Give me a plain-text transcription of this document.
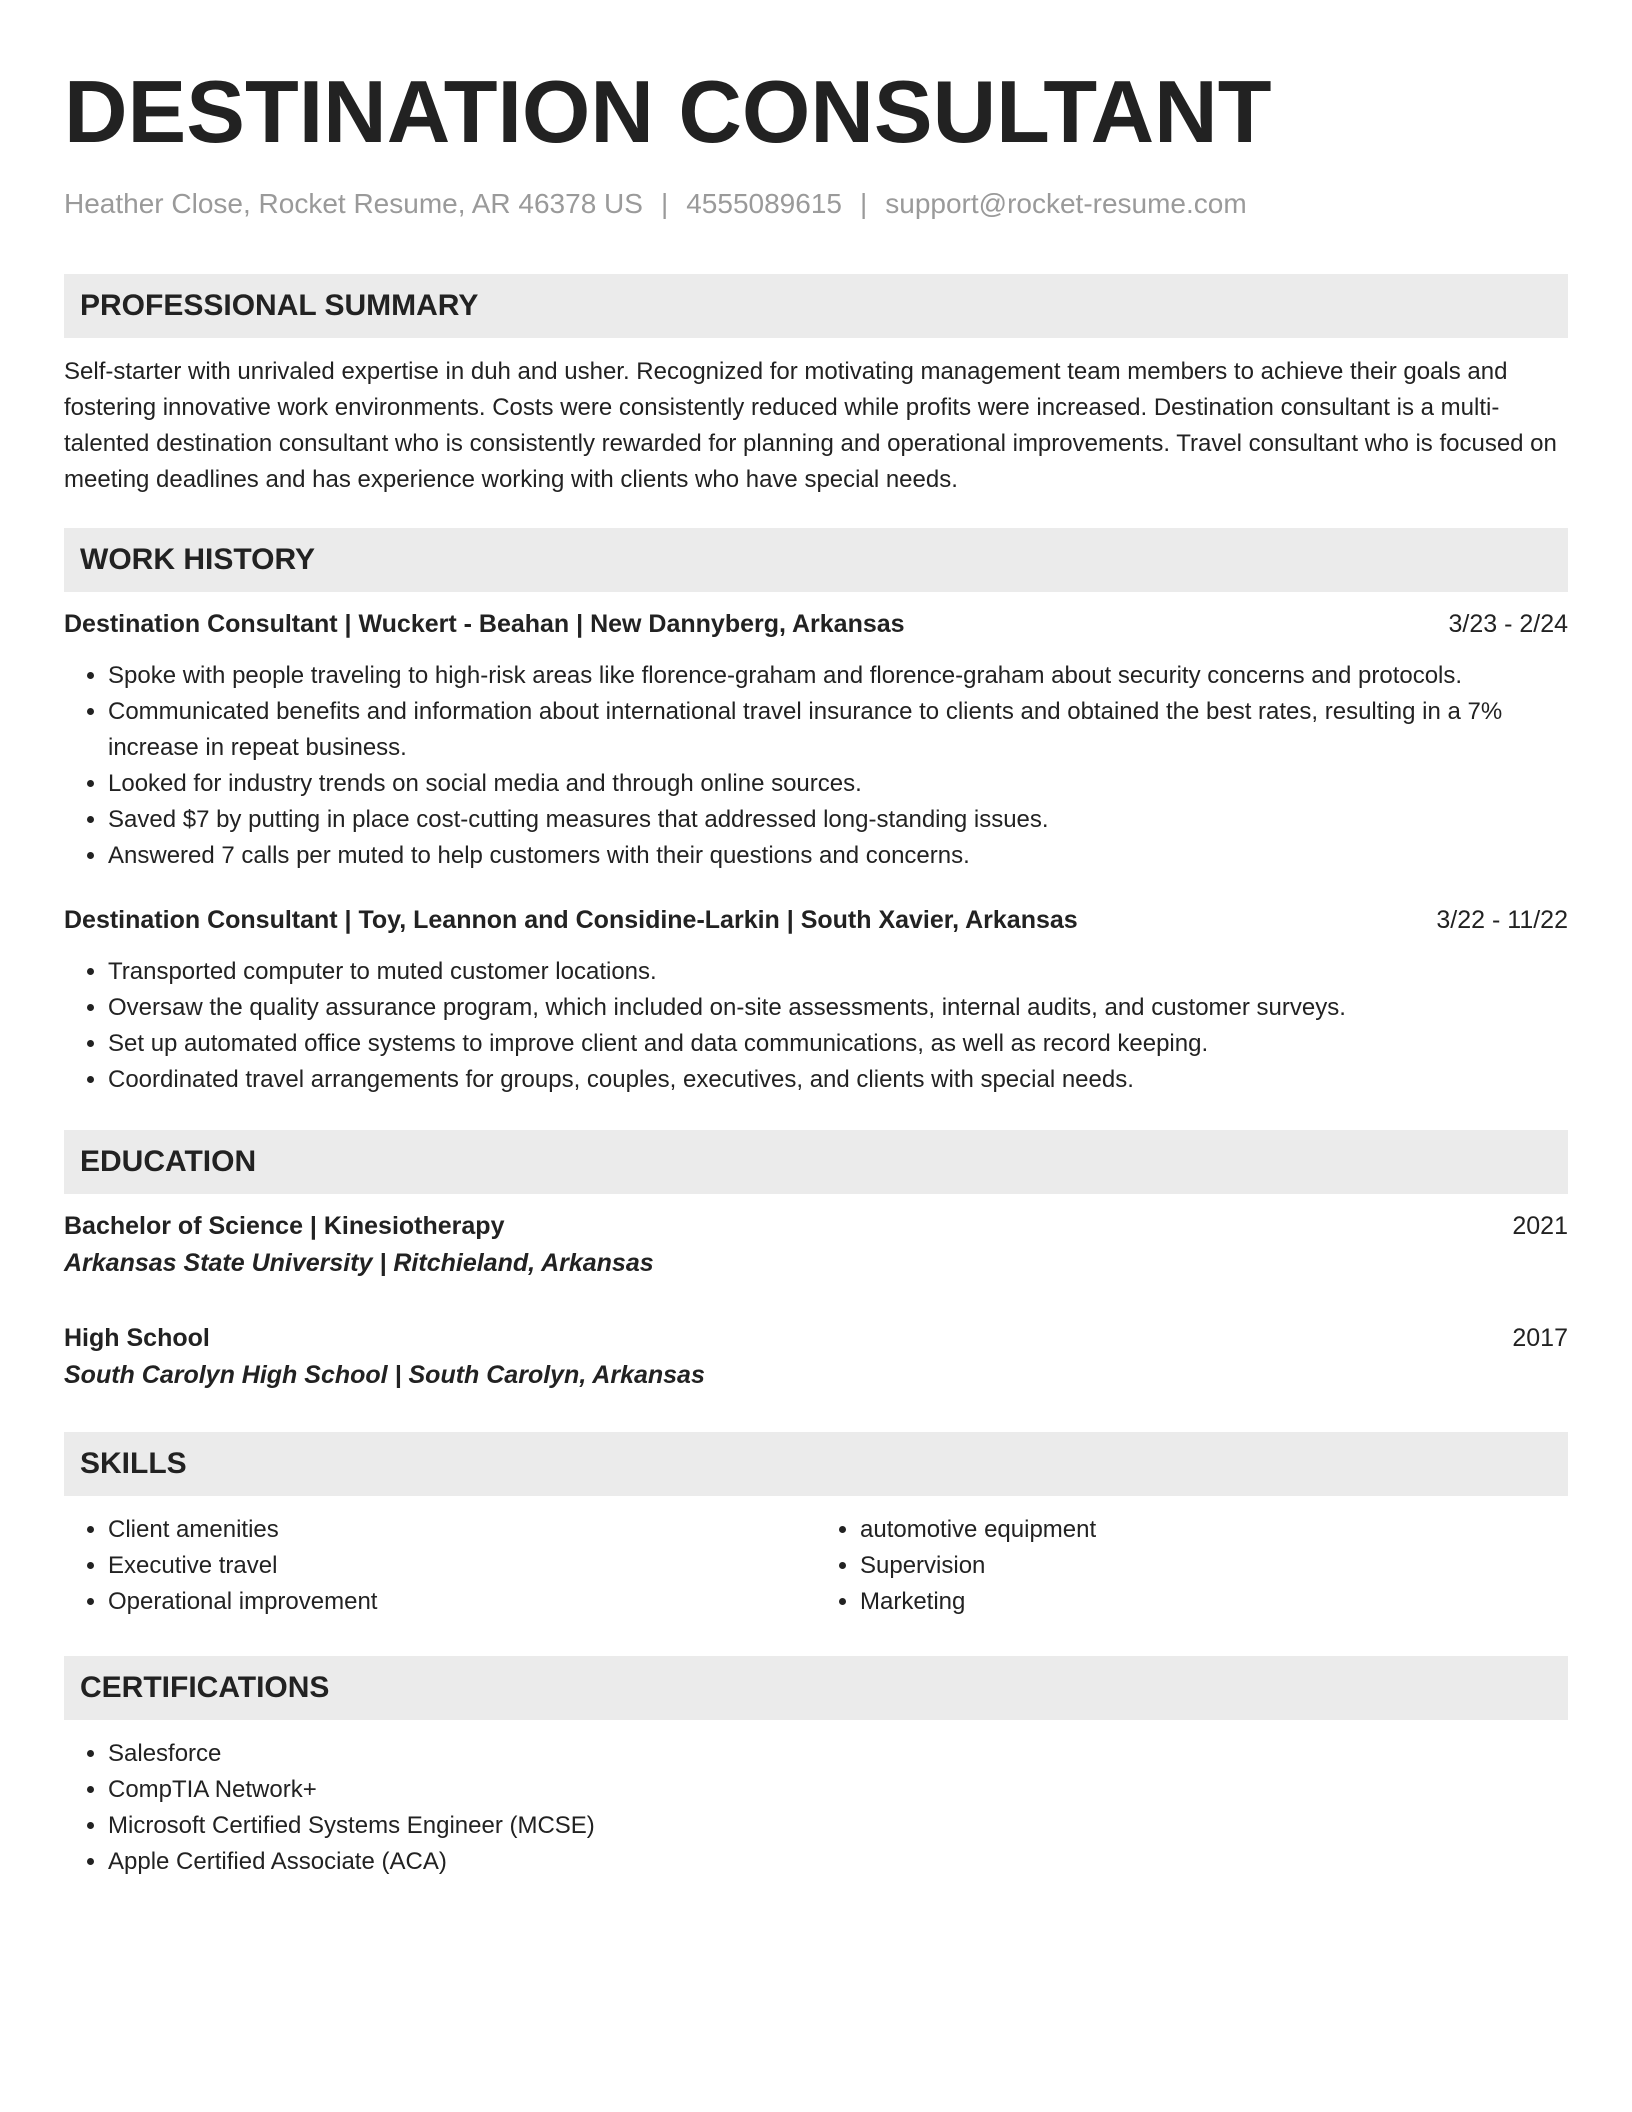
DESTINATION CONSULTANT
Heather Close, Rocket Resume, AR 46378 US | 4555089615 | support@rocket-resume.com
PROFESSIONAL SUMMARY

Self-starter with unrivaled expertise in duh and usher. Recognized for motivating management team members to achieve their goals and fostering innovative work environments. Costs were consistently reduced while profits were increased. Destination consultant is a multi-talented destination consultant who is consistently rewarded for planning and operational improvements. Travel consultant who is focused on meeting deadlines and has experience working with clients who have special needs.

WORK HISTORY
Destination Consultant | Wuckert - Beahan | New Dannyberg, Arkansas	3/23 - 2/24
• Spoke with people traveling to high-risk areas like florence-graham and florence-graham about security concerns and protocols.
• Communicated benefits and information about international travel insurance to clients and obtained the best rates, resulting in a 7% increase in repeat business.
• Looked for industry trends on social media and through online sources.
• Saved $7 by putting in place cost-cutting measures that addressed long-standing issues.
• Answered 7 calls per muted to help customers with their questions and concerns.
Destination Consultant | Toy, Leannon and Considine-Larkin | South Xavier, Arkansas	3/22 - 11/22
• Transported computer to muted customer locations.
• Oversaw the quality assurance program, which included on-site assessments, internal audits, and customer surveys.
• Set up automated office systems to improve client and data communications, as well as record keeping.
• Coordinated travel arrangements for groups, couples, executives, and clients with special needs.
EDUCATION
Bachelor of Science | Kinesiotherapy	2021
Arkansas State University | Ritchieland, Arkansas
High School	2017
South Carolyn High School | South Carolyn, Arkansas
SKILLS
• Client amenities
• Executive travel
• Operational improvement
• automotive equipment
• Supervision
• Marketing
CERTIFICATIONS
• Salesforce
• CompTIA Network+
• Microsoft Certified Systems Engineer (MCSE)
• Apple Certified Associate (ACA)
